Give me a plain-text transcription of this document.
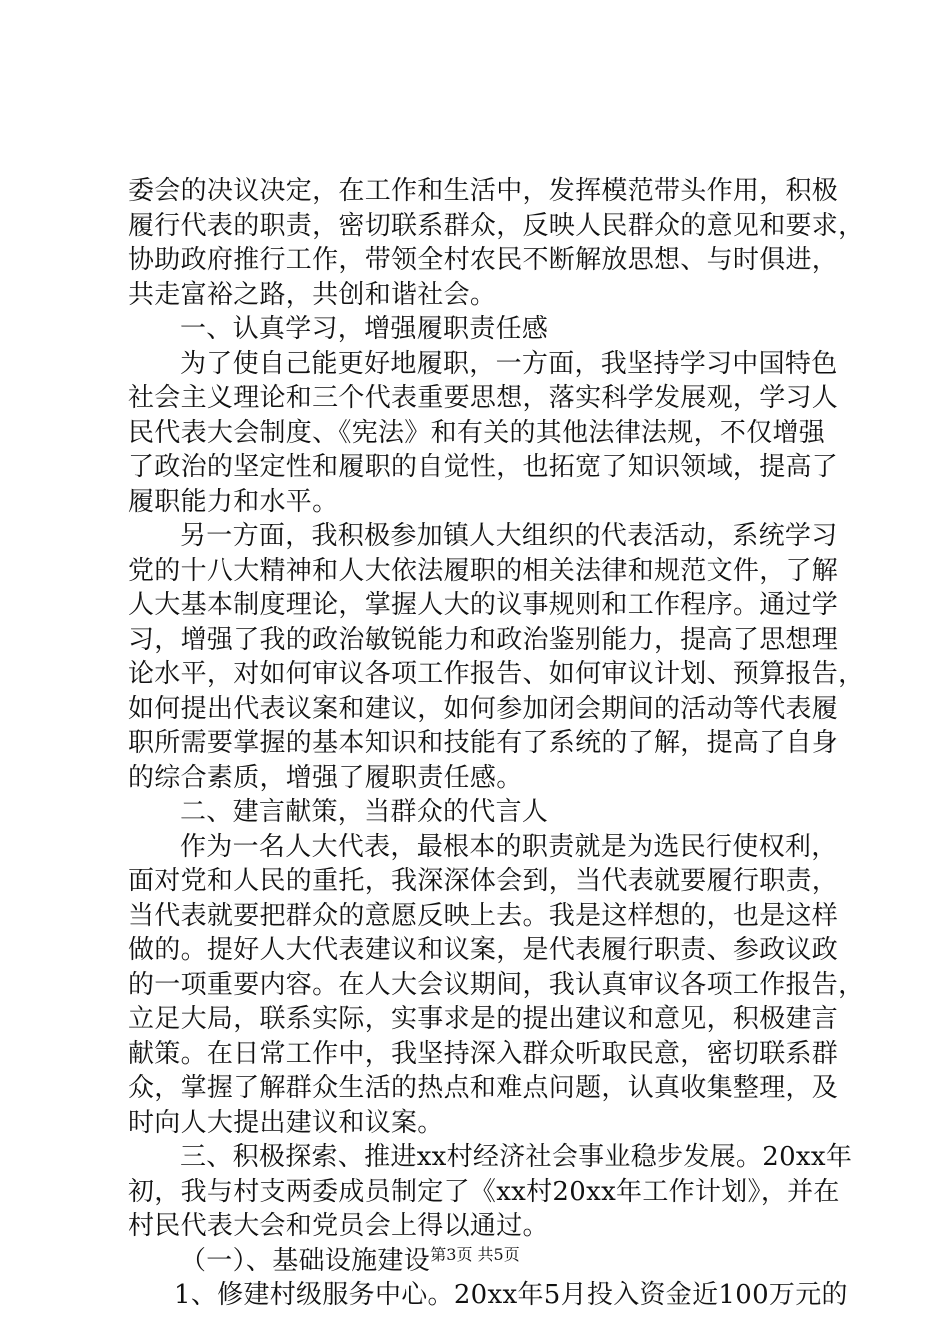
委会的决议决定，在工作和生活中，发挥模范带头作用，积极
履行代表的职责，密切联系群众，反映人民群众的意见和要求，
协助政府推行工作，带领全村农民不断解放思想、与时俱进，
共走富裕之路，共创和谐社会。
一、认真学习，增强履职责任感
为了使自己能更好地履职，一方面，我坚持学习中国特色
社会主义理论和三个代表重要思想，落实科学发展观，学习人
民代表大会制度、《宪法》和有关的其他法律法规，不仅增强
了政治的坚定性和履职的自觉性，也拓宽了知识领域，提高了
履职能力和水平。
另一方面，我积极参加镇人大组织的代表活动，系统学习
党的十八大精神和人大依法履职的相关法律和规范文件，了解
人大基本制度理论，掌握人大的议事规则和工作程序。通过学
习，增强了我的政治敏锐能力和政治鉴别能力，提高了思想理
论水平，对如何审议各项工作报告、如何审议计划、预算报告，
如何提出代表议案和建议，如何参加闭会期间的活动等代表履
职所需要掌握的基本知识和技能有了系统的了解，提高了自身
的综合素质，增强了履职责任感。
二、建言献策，当群众的代言人
作为一名人大代表，最根本的职责就是为选民行使权利，
面对党和人民的重托，我深深体会到，当代表就要履行职责，
当代表就要把群众的意愿反映上去。我是这样想的，也是这样
做的。提好人大代表建议和议案，是代表履行职责、参政议政
的一项重要内容。在人大会议期间，我认真审议各项工作报告，
立足大局，联系实际，实事求是的提出建议和意见，积极建言
献策。在日常工作中，我坚持深入群众听取民意，密切联系群
众，掌握了解群众生活的热点和难点问题，认真收集整理，及
时向人大提出建议和议案。
三、积极探索、推进xx村经济社会事业稳步发展。20xx年
初，我与村支两委成员制定了《xx村20xx年工作计划》，并在
村民代表大会和党员会上得以通过。
（一）、基础设施建设
1、修建村级服务中心。20xx年5月投入资金近100万元的
第3页 共5页
